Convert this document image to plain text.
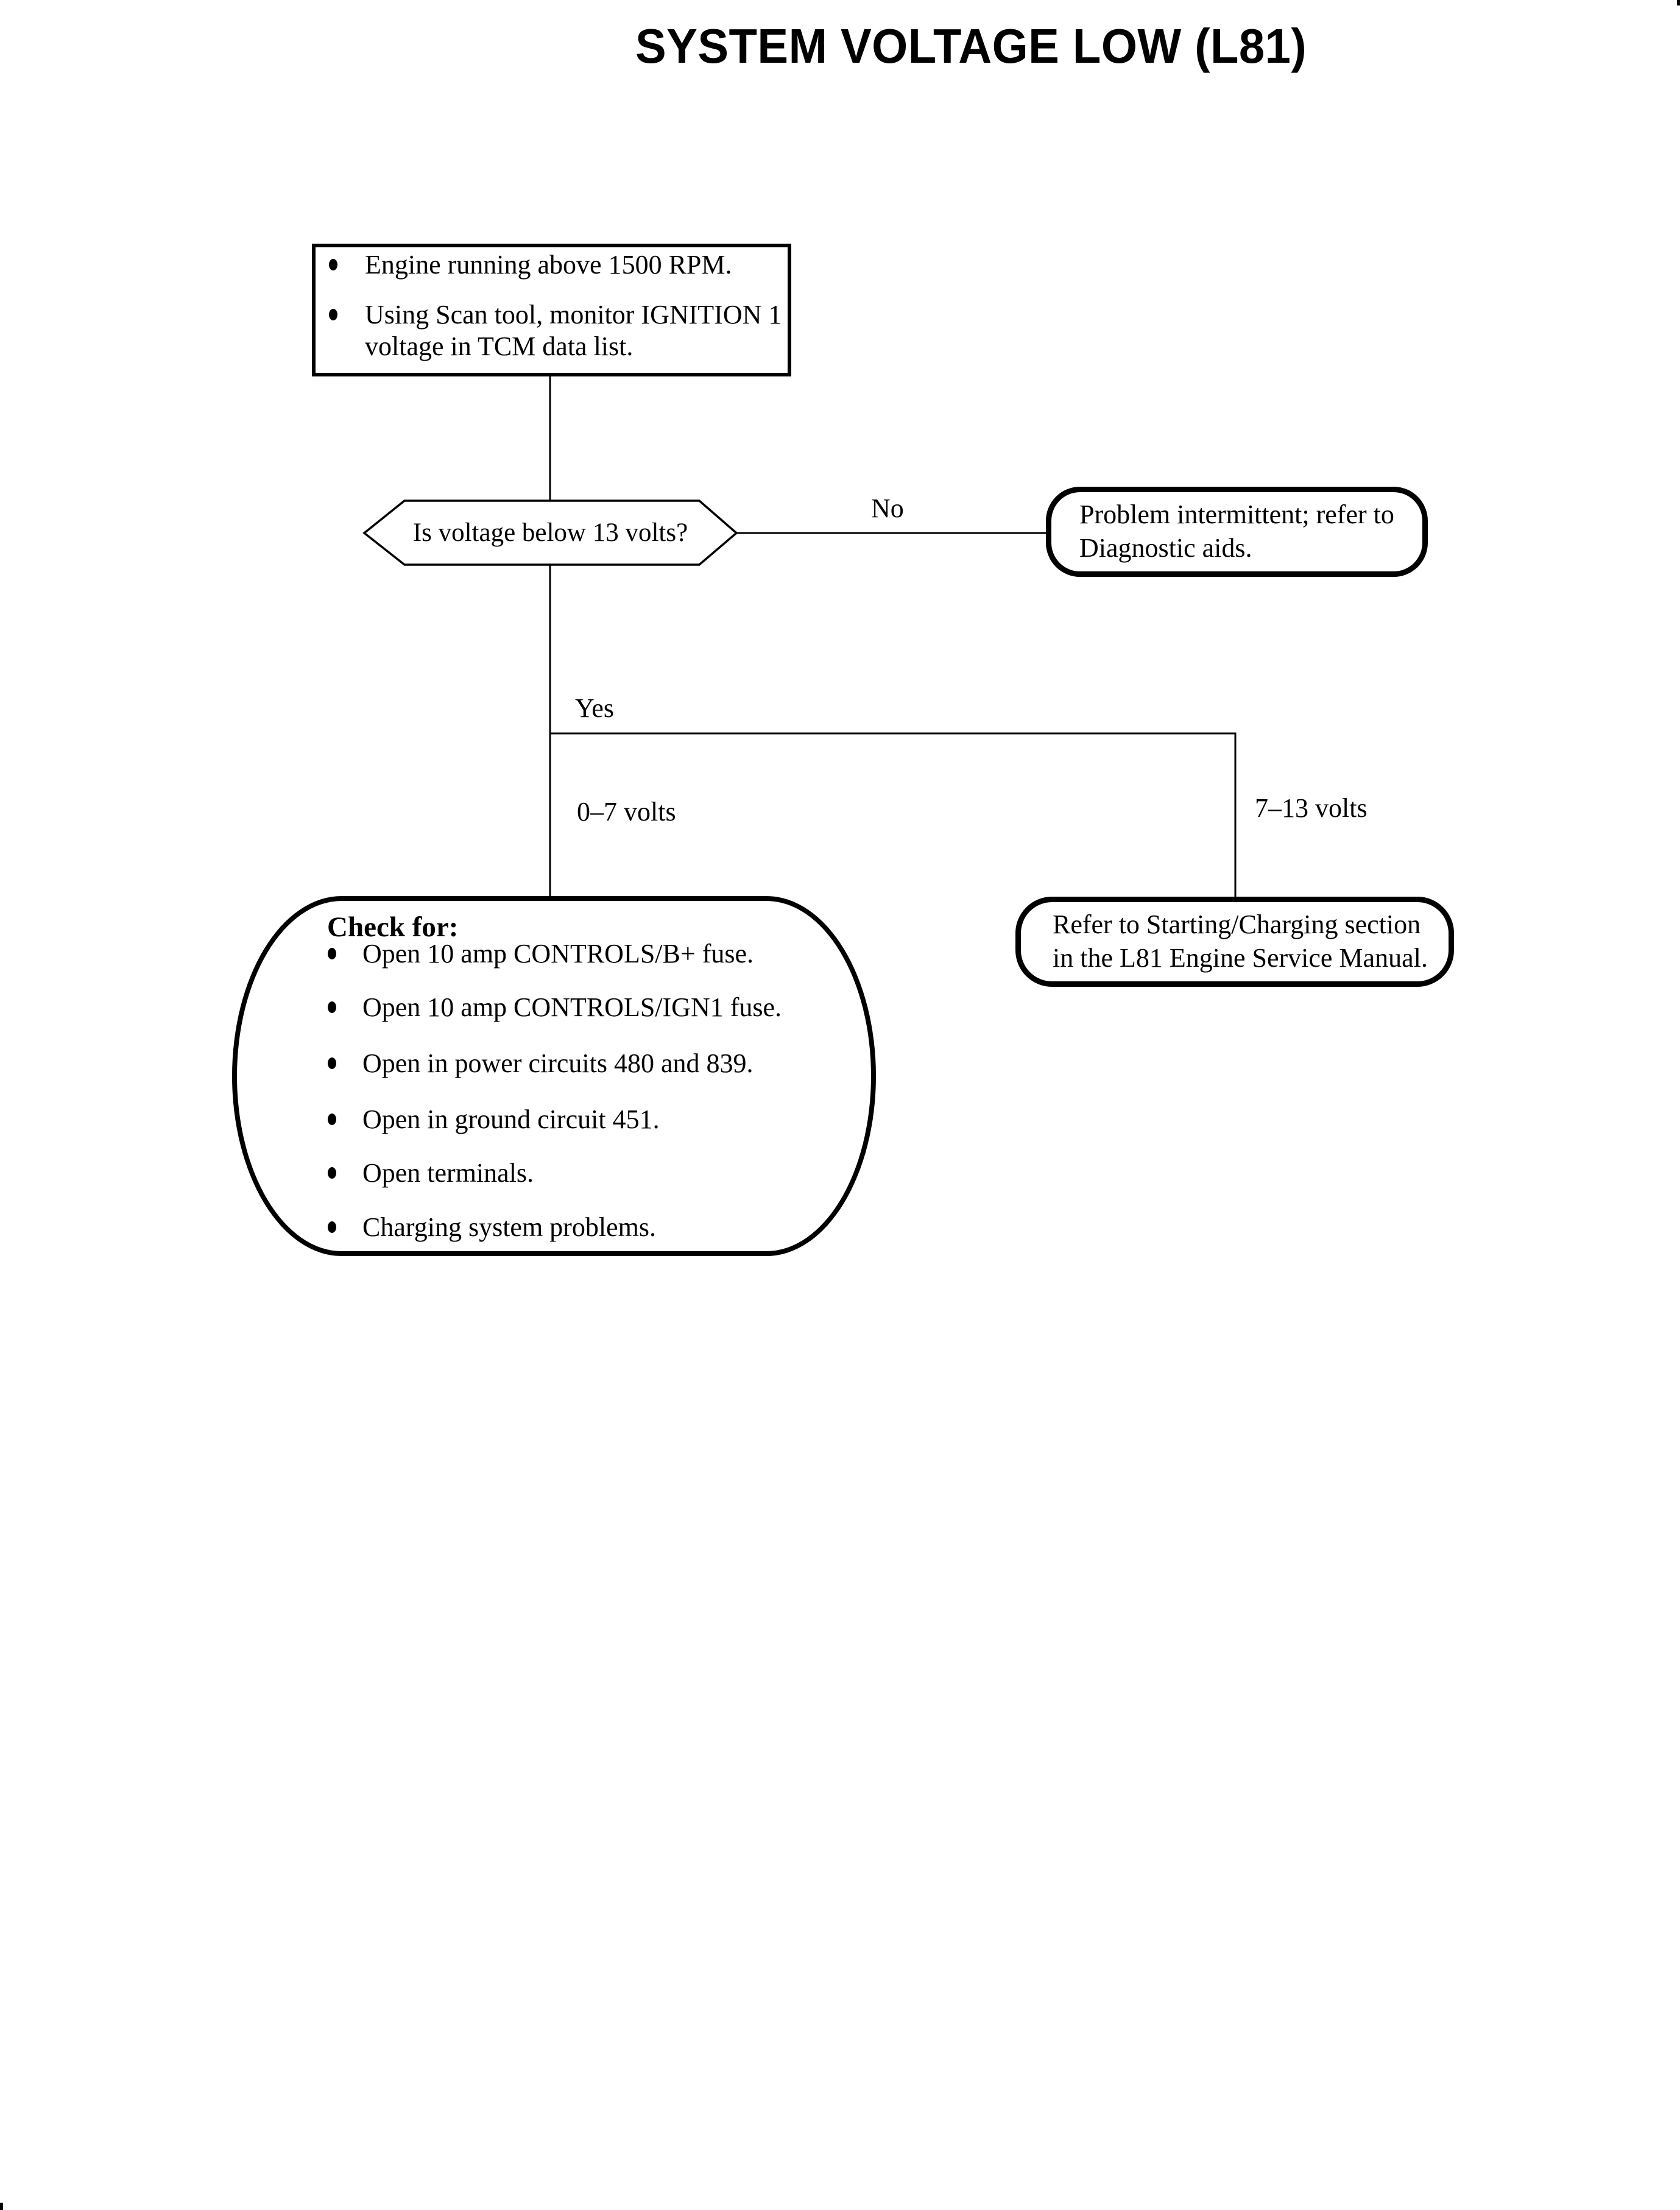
SYSTEM VOLTAGE LOW (L81)
Engine running above 1500 RPM.
Using Scan tool, monitor IGNITION 1
voltage in TCM data list.
Is voltage below 13 volts?
No
Yes
0–7 volts	7–13 volts
Problem intermittent; refer to
Diagnostic aids.
Check for:
Open 10 amp CONTROLS/B+ fuse.
Open 10 amp CONTROLS/IGN1 fuse.
Open in power circuits 480 and 839.
Open in ground circuit 451.
Open terminals.
Charging system problems.
Refer to Starting/Charging section
in the L81 Engine Service Manual.
